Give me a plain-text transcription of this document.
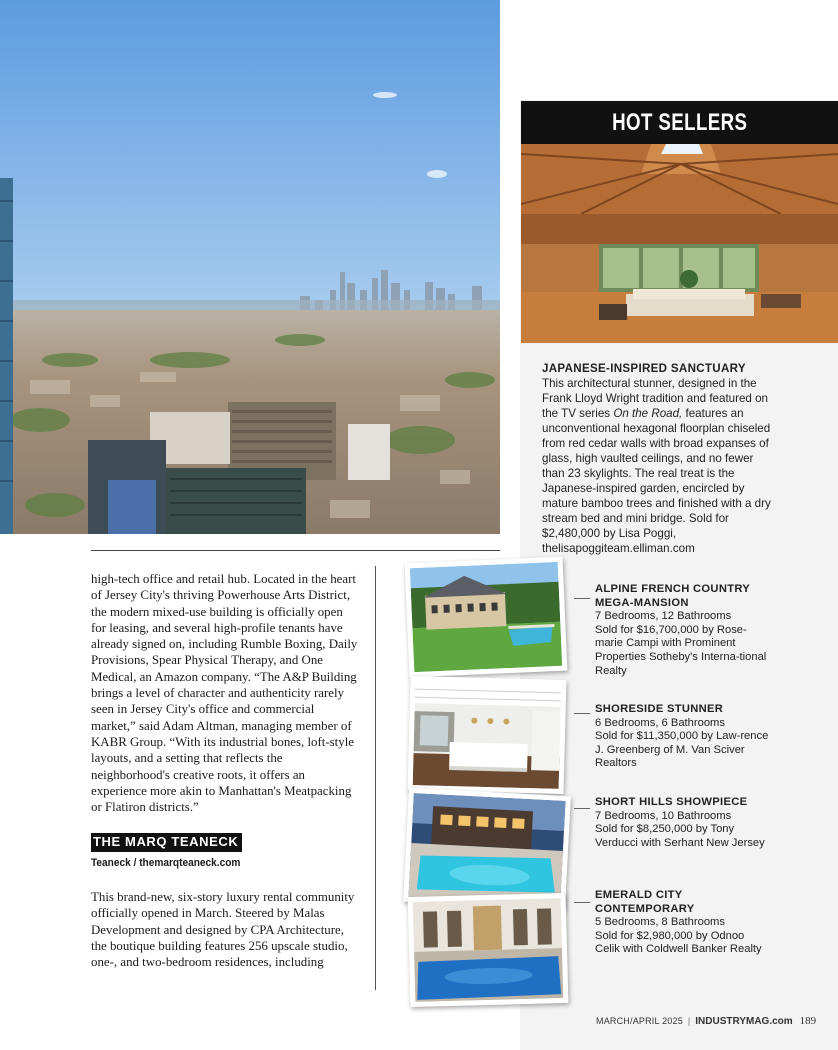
HOT SELLERS
JAPANESE-INSPIRED SANCTUARY
This architectural stunner, designed in the Frank Lloyd Wright tradition and featured on the TV series On the Road, features an unconventional hexagonal floorplan chiseled from red cedar walls with broad expanses of glass, high vaulted ceilings, and no fewer than 23 skylights. The real treat is the Japanese-inspired garden, encircled by mature bamboo trees and finished with a dry stream bed and mini bridge. Sold for $2,480,000 by Lisa Poggi, thelisapoggiteam.elliman.com

high-tech office and retail hub. Located in the heart of Jersey City's thriving Powerhouse Arts District, the modern mixed-use building is officially open for leasing, and several high-profile tenants have already signed on, including Rumble Boxing, Daily Provisions, Spear Physical Therapy, and One Medical, an Amazon company. “The A&P Building brings a level of character and authenticity rarely seen in Jersey City's office and commercial market,” said Adam Altman, managing member of KABR Group. “With its industrial bones, loft-style layouts, and a setting that reflects the neighborhood's creative roots, it offers an experience more akin to Manhattan's Meatpacking or Flatiron districts.”

THE MARQ TEANECK
Teaneck / themarqteaneck.com

This brand-new, six-story luxury rental community officially opened in March. Steered by Malas Development and designed by CPA Architecture, the boutique building features 256 upscale studio, one-, and two-bedroom residences, including

ALPINE FRENCH COUNTRY MEGA-MANSION
7 Bedrooms, 12 Bathrooms
Sold for $16,700,000 by Rose-marie Campi with Prominent Properties Sotheby's Interna-tional Realty
SHORESIDE STUNNER
6 Bedrooms, 6 Bathrooms
Sold for $11,350,000 by Law-rence J. Greenberg of M. Van Sciver Realtors
SHORT HILLS SHOWPIECE
7 Bedrooms, 10 Bathrooms
Sold for $8,250,000 by Tony Verducci with Serhant New Jersey
EMERALD CITY CONTEMPORARY
5 Bedrooms, 8 Bathrooms
Sold for $2,980,000 by Odnoo Celik with Coldwell Banker Realty
MARCH/APRIL 2025 | INDUSTRYMAG.com 189
